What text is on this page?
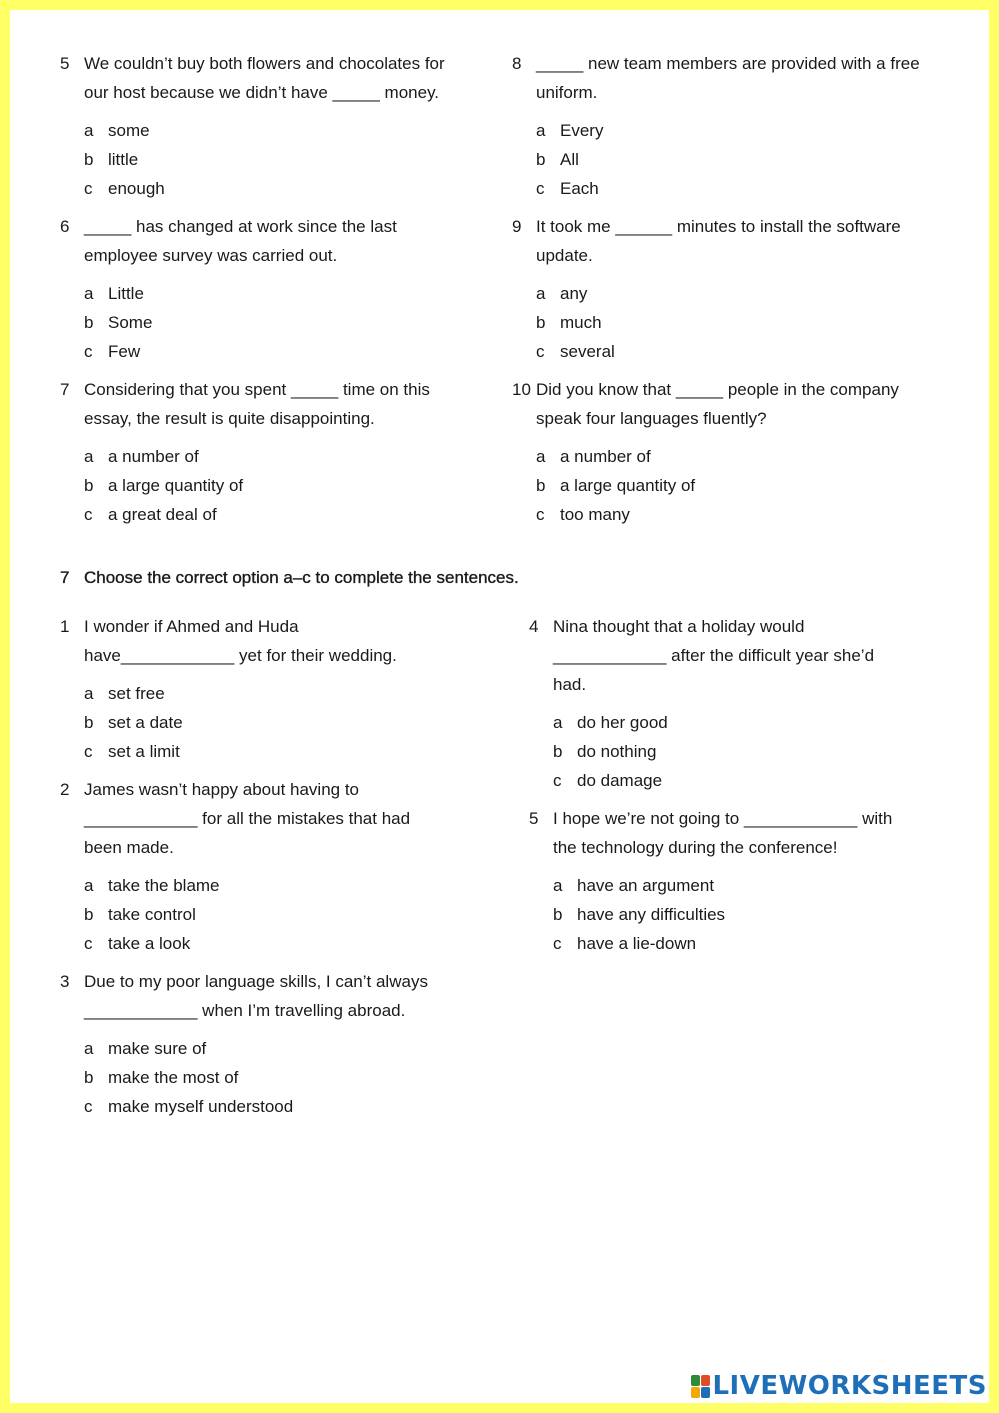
5 We couldn’t buy both flowers and chocolates for
our host because we didn’t have _____ money.
a some
b little
c enough
6 _____ has changed at work since the last
employee survey was carried out.
a Little
b Some
c Few
7 Considering that you spent _____ time on this
essay, the result is quite disappointing.
a a number of
b a large quantity of
c a great deal of
8 _____ new team members are provided with a free
uniform.
a Every
b All
c Each
9 It took me ______ minutes to install the software
update.
a any
b much
c several
10 Did you know that _____ people in the company
speak four languages fluently?
a a number of
b a large quantity of
c too many
7 Choose the correct option a–c to complete the sentences.
1 I wonder if Ahmed and Huda
have____________ yet for their wedding.
a set free
b set a date
c set a limit
2 James wasn’t happy about having to
____________ for all the mistakes that had
been made.
a take the blame
b take control
c take a look
3 Due to my poor language skills, I can’t always
____________ when I’m travelling abroad.
a make sure of
b make the most of
c make myself understood
4 Nina thought that a holiday would
____________ after the difficult year she’d
had.
a do her good
b do nothing
c do damage
5 I hope we’re not going to ____________ with
the technology during the conference!
a have an argument
b have any difficulties
c have a lie-down
LIVEWORKSHEETS
